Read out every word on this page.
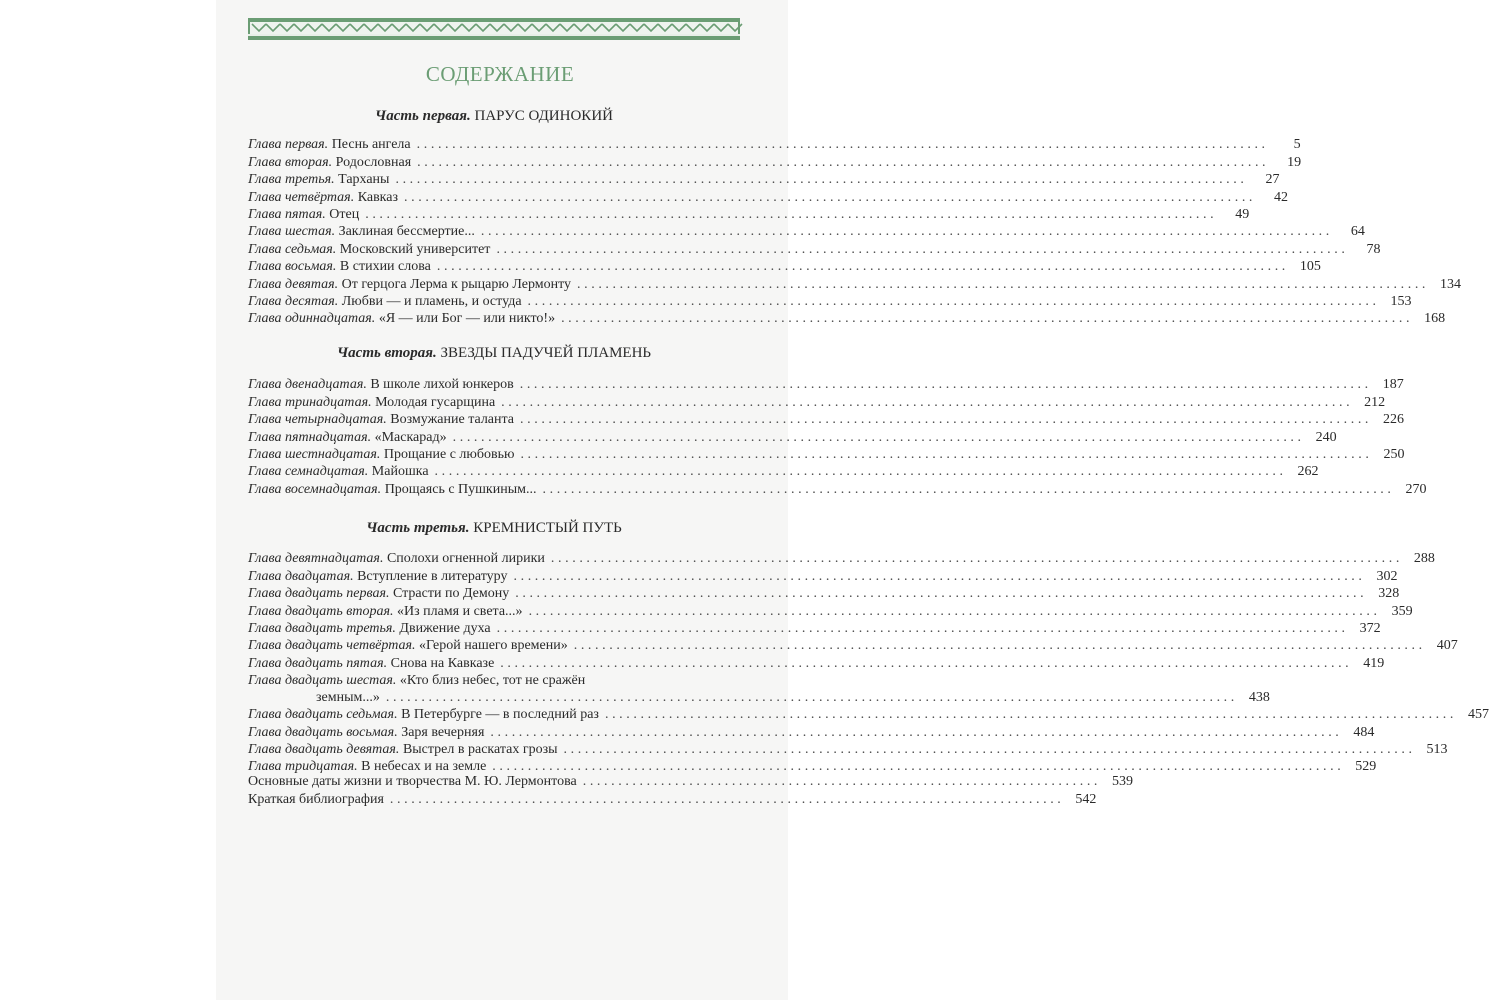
СОДЕРЖАНИЕ
Часть первая. ПАРУС ОДИНОКИЙ
Глава первая. Песнь ангела ........................................................................................................................	5
Глава вторая. Родословная ........................................................................................................................	19
Глава третья. Тарханы ........................................................................................................................	27
Глава четвёртая. Кавказ ........................................................................................................................	42
Глава пятая. Отец ........................................................................................................................	49
Глава шестая. Заклиная бессмертие... ........................................................................................................................	64
Глава седьмая. Московский университет ........................................................................................................................	78
Глава восьмая. В стихии слова ........................................................................................................................ 105
Глава девятая. От герцога Лерма к рыцарю Лермонту ........................................................................................................................ 134
Глава десятая. Любви — и пламень, и остуда ........................................................................................................................ 153
Глава одиннадцатая. «Я — или Бог — или никто!» ........................................................................................................................ 168
Часть вторая. ЗВЕЗДЫ ПАДУЧЕЙ ПЛАМЕНЬ
Глава двенадцатая. В школе лихой юнкеров ........................................................................................................................ 187
Глава тринадцатая. Молодая гусарщина ........................................................................................................................ 212
Глава четырнадцатая. Возмужание таланта ........................................................................................................................ 226
Глава пятнадцатая. «Маскарад» ........................................................................................................................ 240
Глава шестнадцатая. Прощание с любовью ........................................................................................................................ 250
Глава семнадцатая. Майошка ........................................................................................................................ 262
Глава восемнадцатая. Прощаясь с Пушкиным... ........................................................................................................................ 270
Часть третья. КРЕМНИСТЫЙ ПУТЬ
Глава девятнадцатая. Сполохи огненной лирики ........................................................................................................................ 288
Глава двадцатая. Вступление в литературу ........................................................................................................................ 302
Глава двадцать первая. Страсти по Демону ........................................................................................................................ 328
Глава двадцать вторая. «Из пламя и света...» ........................................................................................................................ 359
Глава двадцать третья. Движение духа ........................................................................................................................ 372
Глава двадцать четвёртая. «Герой нашего времени» ........................................................................................................................ 407
Глава двадцать пятая. Снова на Кавказе ........................................................................................................................ 419
Глава двадцать шестая. «Кто близ небес, тот не сражён
земным...» ........................................................................................................................ 438
Глава двадцать седьмая. В Петербурге — в последний раз ........................................................................................................................ 457
Глава двадцать восьмая. Заря вечерняя ........................................................................................................................ 484
Глава двадцать девятая. Выстрел в раскатах грозы ........................................................................................................................ 513
Глава тридцатая. В небесах и на земле ........................................................................................................................ 529
Основные даты жизни и творчества М. Ю. Лермонтова ......................................................................... 539
Краткая библиография ............................................................................................... 542
